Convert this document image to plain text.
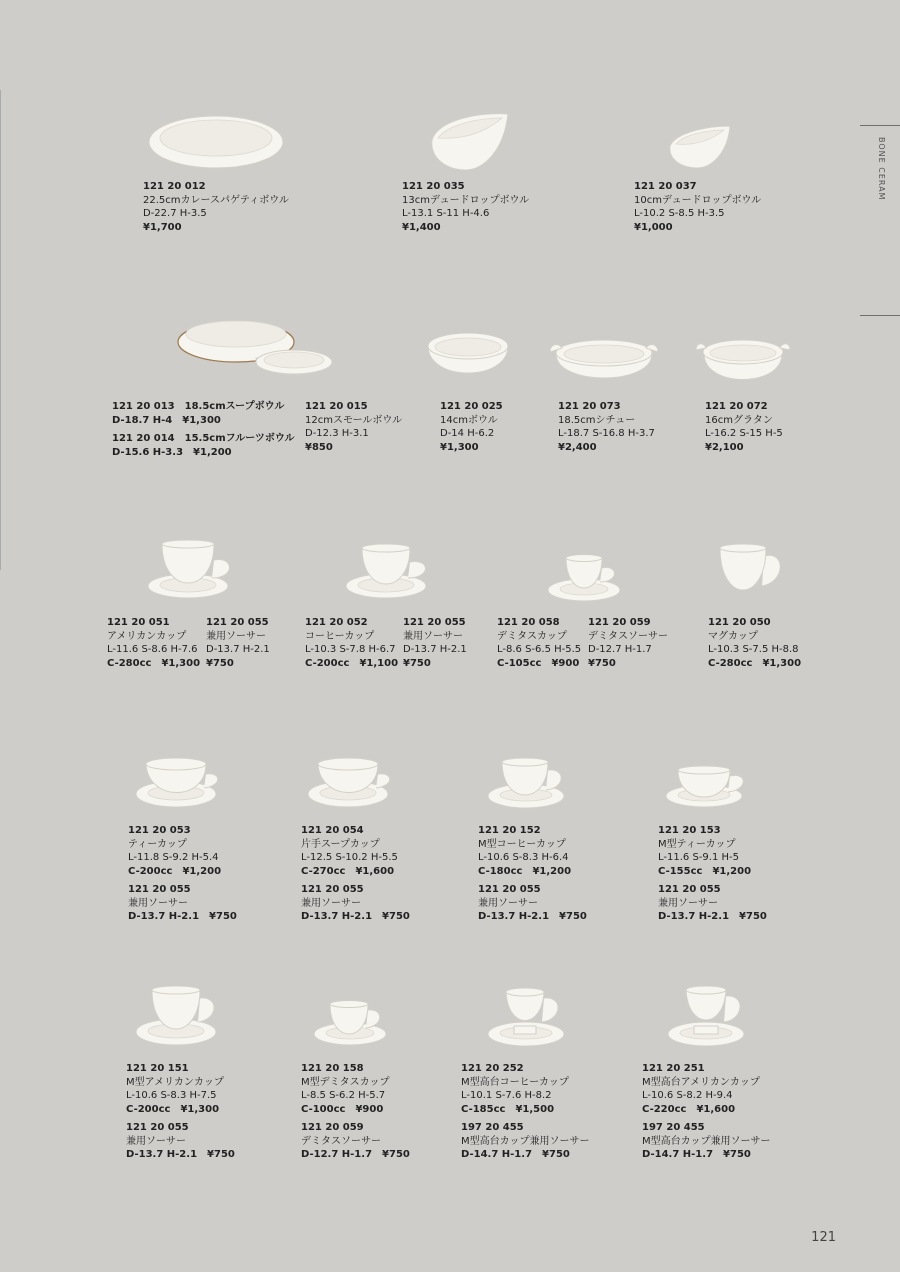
BONE CERAM
121 20 012
22.5cmカレースパゲティボウル
D-22.7 H-3.5
¥1,700
121 20 035
13cmデュードロップボウル
L-13.1 S-11 H-4.6
¥1,400
121 20 037
10cmデュードロップボウル
L-10.2 S-8.5 H-3.5
¥1,000
121 20 013　18.5cmスープボウル
D-18.7 H-4　¥1,300
121 20 014　15.5cmフルーツボウル
D-15.6 H-3.3　¥1,200
121 20 015
12cmスモールボウル
D-12.3 H-3.1
¥850
121 20 025
14cmボウル
D-14 H-6.2
¥1,300
121 20 073
18.5cmシチュー
L-18.7 S-16.8 H-3.7
¥2,400
121 20 072
16cmグラタン
L-16.2 S-15 H-5
¥2,100
121 20 051
アメリカンカップ
L-11.6 S-8.6 H-7.6
C-280cc　¥1,300
121 20 055
兼用ソーサー
D-13.7 H-2.1
¥750
121 20 052
コーヒーカップ
L-10.3 S-7.8 H-6.7
C-200cc　¥1,100
121 20 055
兼用ソーサー
D-13.7 H-2.1
¥750
121 20 058
デミタスカップ
L-8.6 S-6.5 H-5.5
C-105cc　¥900
121 20 059
デミタスソーサー
D-12.7 H-1.7
¥750
121 20 050
マグカップ
L-10.3 S-7.5 H-8.8
C-280cc　¥1,300
121 20 053
ティーカップ
L-11.8 S-9.2 H-5.4
C-200cc　¥1,200
121 20 055
兼用ソーサー
D-13.7 H-2.1　¥750
121 20 054
片手スープカップ
L-12.5 S-10.2 H-5.5
C-270cc　¥1,600
121 20 055
兼用ソーサー
D-13.7 H-2.1　¥750
121 20 152
M型コーヒーカップ
L-10.6 S-8.3 H-6.4
C-180cc　¥1,200
121 20 055
兼用ソーサー
D-13.7 H-2.1　¥750
121 20 153
M型ティーカップ
L-11.6 S-9.1 H-5
C-155cc　¥1,200
121 20 055
兼用ソーサー
D-13.7 H-2.1　¥750
121 20 151
M型アメリカンカップ
L-10.6 S-8.3 H-7.5
C-200cc　¥1,300
121 20 055
兼用ソーサー
D-13.7 H-2.1　¥750
121 20 158
M型デミタスカップ
L-8.5 S-6.2 H-5.7
C-100cc　¥900
121 20 059
デミタスソーサー
D-12.7 H-1.7　¥750
121 20 252
M型高台コーヒーカップ
L-10.1 S-7.6 H-8.2
C-185cc　¥1,500
197 20 455
M型高台カップ兼用ソーサー
D-14.7 H-1.7　¥750
121 20 251
M型高台アメリカンカップ
L-10.6 S-8.2 H-9.4
C-220cc　¥1,600
197 20 455
M型高台カップ兼用ソーサー
D-14.7 H-1.7　¥750
121
